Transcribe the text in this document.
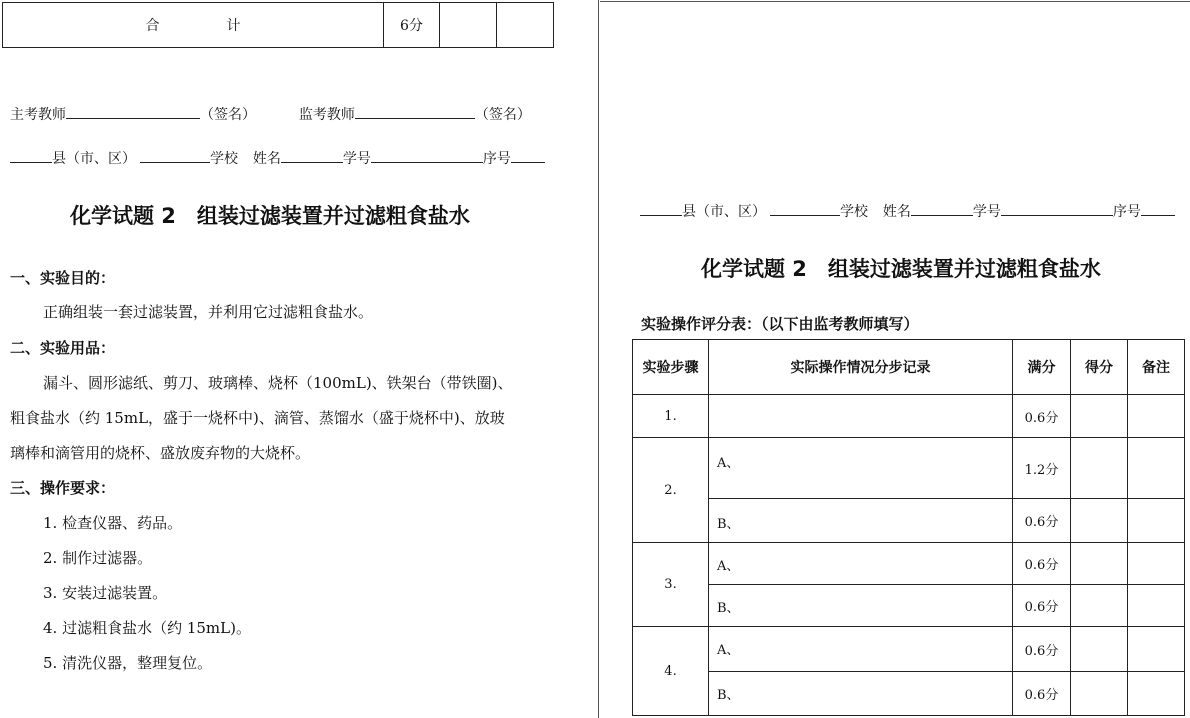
合	计	6分		
主考教师	（签名）	监考教师	（签名）
县（市、区）	学校 姓名	学号	序号
化学试题 2　组装过滤装置并过滤粗食盐水
一、实验目的：
正确组装一套过滤装置，并利用它过滤粗食盐水。
二、实验用品：
漏斗、圆形滤纸、剪刀、玻璃棒、烧杯（100mL)、铁架台（带铁圈)、
粗食盐水（约 15mL，盛于一烧杯中)、滴管、蒸馏水（盛于烧杯中)、放玻
璃棒和滴管用的烧杯、盛放废弃物的大烧杯。
三、操作要求：
1. 检查仪器、药品。
2. 制作过滤器。
3. 安装过滤装置。
4. 过滤粗食盐水（约 15mL)。
5. 清洗仪器，整理复位。
县（市、区）	学校 姓名	学号	序号
化学试题 2　组装过滤装置并过滤粗食盐水
实验操作评分表：（以下由监考教师填写）
实验步骤	实际操作情况分步记录	满分	得分	备注
1.		0.6分		
2.	A、	1.2分		
	B、	0.6分		
3.	A、	0.6分		
	B、	0.6分		
4.	A、	0.6分		
	B、	0.6分		
